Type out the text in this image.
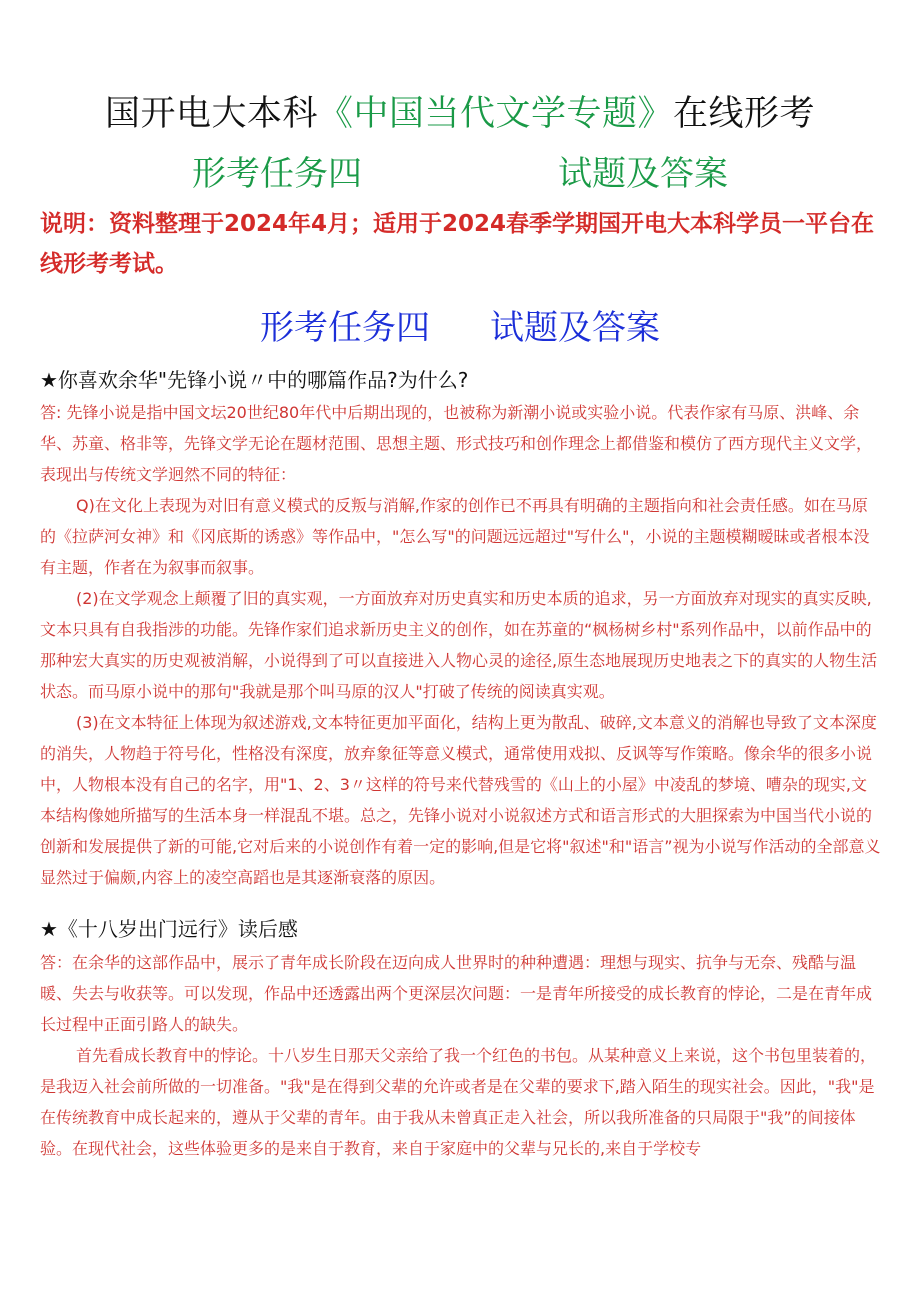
国开电大本科《中国当代文学专题》在线形考
形考任务四	试题及答案
说明：资料整理于2024年4月；适用于2024春季学期国开电大本科学员一平台在线形考考试。
形考任务四 试题及答案
★你喜欢余华"先锋小说〃中的哪篇作品?为什么?

答: 先锋小说是指中国文坛20世纪80年代中后期出现的，也被称为新潮小说或实验小说。代表作家有马原、洪峰、余华、苏童、格非等，先锋文学无论在题材范围、思想主题、形式技巧和创作理念上都借鉴和模仿了西方现代主义文学，表现出与传统文学迥然不同的特征：

Q)在文化上表现为对旧有意义模式的反叛与消解,作家的创作已不再具有明确的主题指向和社会责任感。如在马原的《拉萨河女神》和《冈底斯的诱惑》等作品中，"怎么写"的问题远远超过"写什么"，小说的主题模糊暧昧或者根本没有主题，作者在为叙事而叙事。

(2)在文学观念上颠覆了旧的真实观，一方面放弃对历史真实和历史本质的追求，另一方面放弃对现实的真实反映,文本只具有自我指涉的功能。先锋作家们追求新历史主义的创作，如在苏童的“枫杨树乡村"系列作品中，以前作品中的那种宏大真实的历史观被消解，小说得到了可以直接进入人物心灵的途径,原生态地展现历史地表之下的真实的人物生活状态。而马原小说中的那句"我就是那个叫马原的汉人"打破了传统的阅读真实观。

(3)在文本特征上体现为叙述游戏,文本特征更加平面化，结构上更为散乱、破碎,文本意义的消解也导致了文本深度的消失，人物趋于符号化，性格没有深度，放弃象征等意义模式，通常使用戏拟、反讽等写作策略。像余华的很多小说中，人物根本没有自己的名字，用"1、2、3〃这样的符号来代替残雪的《山上的小屋》中凌乱的梦境、嘈杂的现实,文本结构像她所描写的生活本身一样混乱不堪。总之，先锋小说对小说叙述方式和语言形式的大胆探索为中国当代小说的创新和发展提供了新的可能,它对后来的小说创作有着一定的影响,但是它将"叙述"和"语言”视为小说写作活动的全部意义显然过于偏颇,内容上的凌空高蹈也是其逐渐衰落的原因。

★《十八岁出门远行》读后感

答：在余华的这部作品中，展示了青年成长阶段在迈向成人世界时的种种遭遇：理想与现实、抗争与无奈、残酷与温暖、失去与收获等。可以发现，作品中还透露出两个更深层次问题：一是青年所接受的成长教育的悖论，二是在青年成长过程中正面引路人的缺失。

首先看成长教育中的悖论。十八岁生日那天父亲给了我一个红色的书包。从某种意义上来说，这个书包里装着的，是我迈入社会前所做的一切准备。"我"是在得到父辈的允许或者是在父辈的要求下,踏入陌生的现实社会。因此，"我"是在传统教育中成长起来的，遵从于父辈的青年。由于我从未曾真正走入社会，所以我所准备的只局限于"我”的间接体验。在现代社会，这些体验更多的是来自于教育，来自于家庭中的父辈与兄长的,来自于学校专
